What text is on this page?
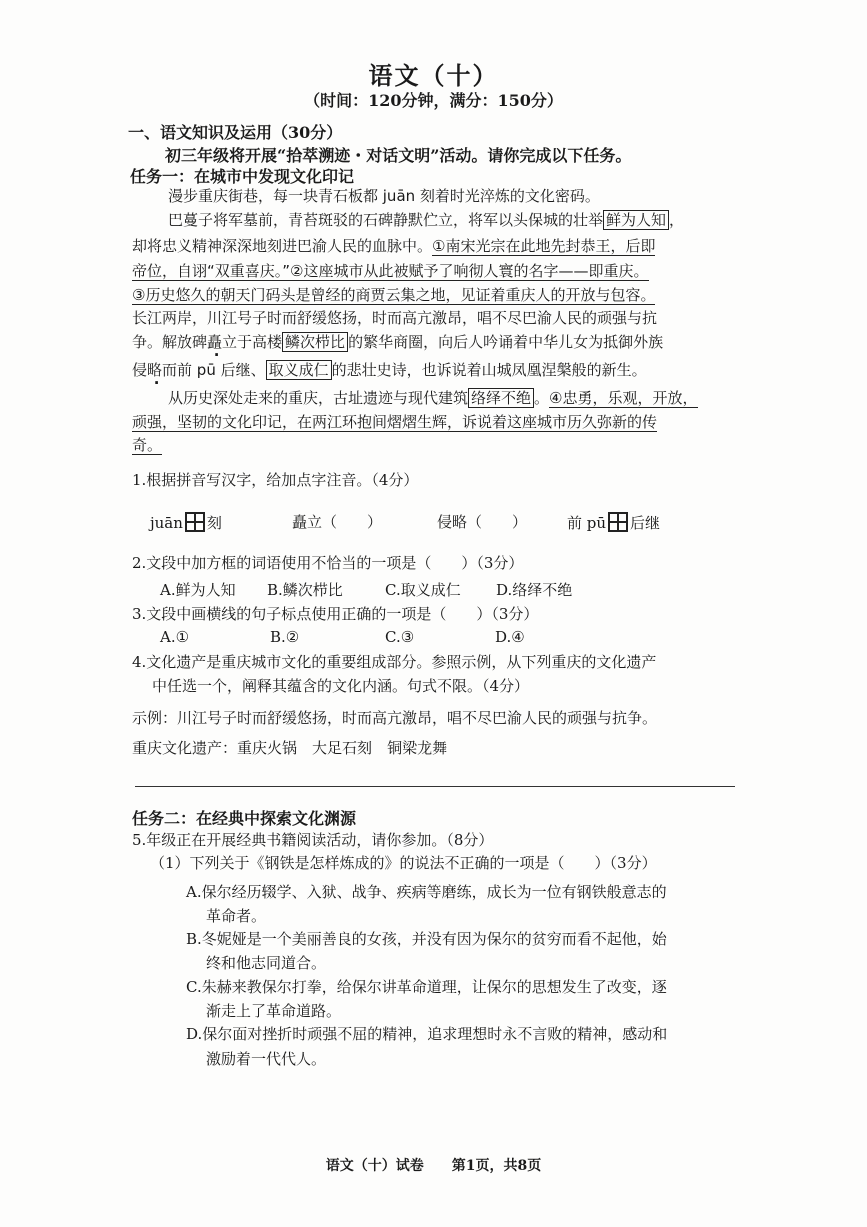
语文（十）
（时间：120分钟，满分：150分）
一、语文知识及运用（30分）
初三年级将开展“拾萃溯迹・对话文明”活动。请你完成以下任务。
任务一：在城市中发现文化印记
漫步重庆街巷，每一块青石板都 juān 刻着时光淬炼的文化密码。
巴蔓子将军墓前，青苔斑驳的石碑静默伫立，将军以头保城的壮举 鲜为人知 ，
却将忠义精神深深地刻进巴渝人民的血脉中。①南宋光宗在此地先封恭王，后即
帝位，自诩“双重喜庆。”②这座城市从此被赋予了响彻人寰的名字——即重庆。
③历史悠久的朝天门码头是曾经的商贾云集之地，见证着重庆人的开放与包容。
长江两岸，川江号子时而舒缓悠扬，时而高亢激昂，唱不尽巴渝人民的顽强与抗
争。解放碑矗立于高楼 鳞次栉比 的繁华商圈，向后人吟诵着中华儿女为抵御外族
侵略而前 pū 后继、 取义成仁 的悲壮史诗，也诉说着山城凤凰涅槃般的新生。
从历史深处走来的重庆，古址遗迹与现代建筑 络绎不绝 。④忠勇，乐观，开放，
顽强，坚韧的文化印记，在两江环抱间熠熠生辉，诉说着这座城市历久弥新的传
奇。
1.根据拼音写汉字，给加点字注音。（4分）
juān 刻	矗立（　　）	侵略（　　）	前 pū 后继
2.文段中加方框的词语使用不恰当的一项是（　　）（3分）
A.鲜为人知 B.鳞次栉比	C.取义成仁 D.络绎不绝
3.文段中画横线的句子标点使用正确的一项是（　　）（3分）
A.①	B.②	C.③	D.④
4.文化遗产是重庆城市文化的重要组成部分。参照示例，从下列重庆的文化遗产
中任选一个，阐释其蕴含的文化内涵。句式不限。（4分）
示例：川江号子时而舒缓悠扬，时而高亢激昂，唱不尽巴渝人民的顽强与抗争。
重庆文化遗产：重庆火锅　 大足石刻　 铜梁龙舞
任务二：在经典中探索文化渊源
5.年级正在开展经典书籍阅读活动，请你参加。（8分）
（1）下列关于《钢铁是怎样炼成的》的说法不正确的一项是（　　）（3分）
A.保尔经历辍学、入狱、战争、疾病等磨练，成长为一位有钢铁般意志的
革命者。
B.冬妮娅是一个美丽善良的女孩，并没有因为保尔的贫穷而看不起他，始
终和他志同道合。
C.朱赫来教保尔打拳，给保尔讲革命道理，让保尔的思想发生了改变，逐
渐走上了革命道路。
D.保尔面对挫折时顽强不屈的精神，追求理想时永不言败的精神，感动和
激励着一代代人。
语文（十）试卷　　第1页，共8页
